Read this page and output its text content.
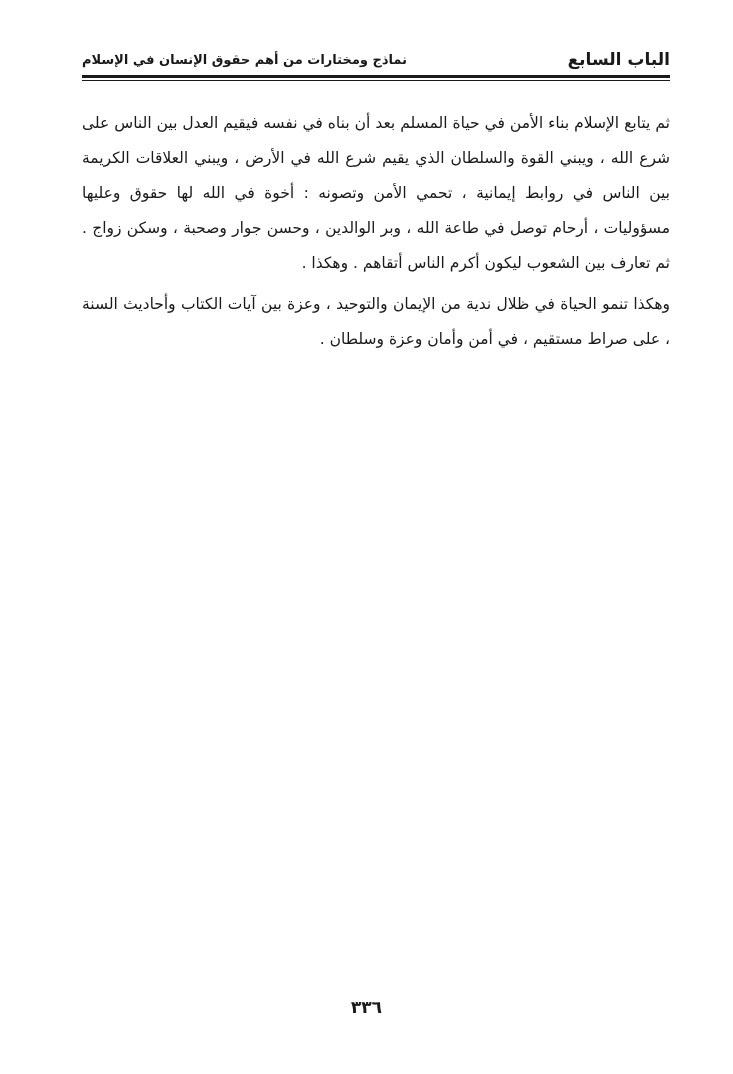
الباب السابع
نماذج ومختارات من أهم حقوق الإنسان في الإسلام

ثم يتابع الإسلام بناء الأمن في حياة المسلم بعد أن بناه في نفسه فيقيم العدل بين الناس على شرع الله ، ويبني القوة والسلطان الذي يقيم شرع الله في الأرض ، ويبني العلاقات الكريمة بين الناس في روابط إيمانية ، تحمي الأمن وتصونه : أخوة في الله لها حقوق وعليها مسؤوليات ، أرحام توصل في طاعة الله ، وبر الوالدين ، وحسن جوار وصحبة ، وسكن زواج . ثم تعارف بين الشعوب ليكون أكرم الناس أتقاهم . وهكذا .

وهكذا تنمو الحياة في ظلال ندية من الإيمان والتوحيد ، وعزة بين آيات الكتاب وأحاديث السنة ، على صراط مستقيم ، في أمن وأمان وعزة وسلطان .

٣٣٦
